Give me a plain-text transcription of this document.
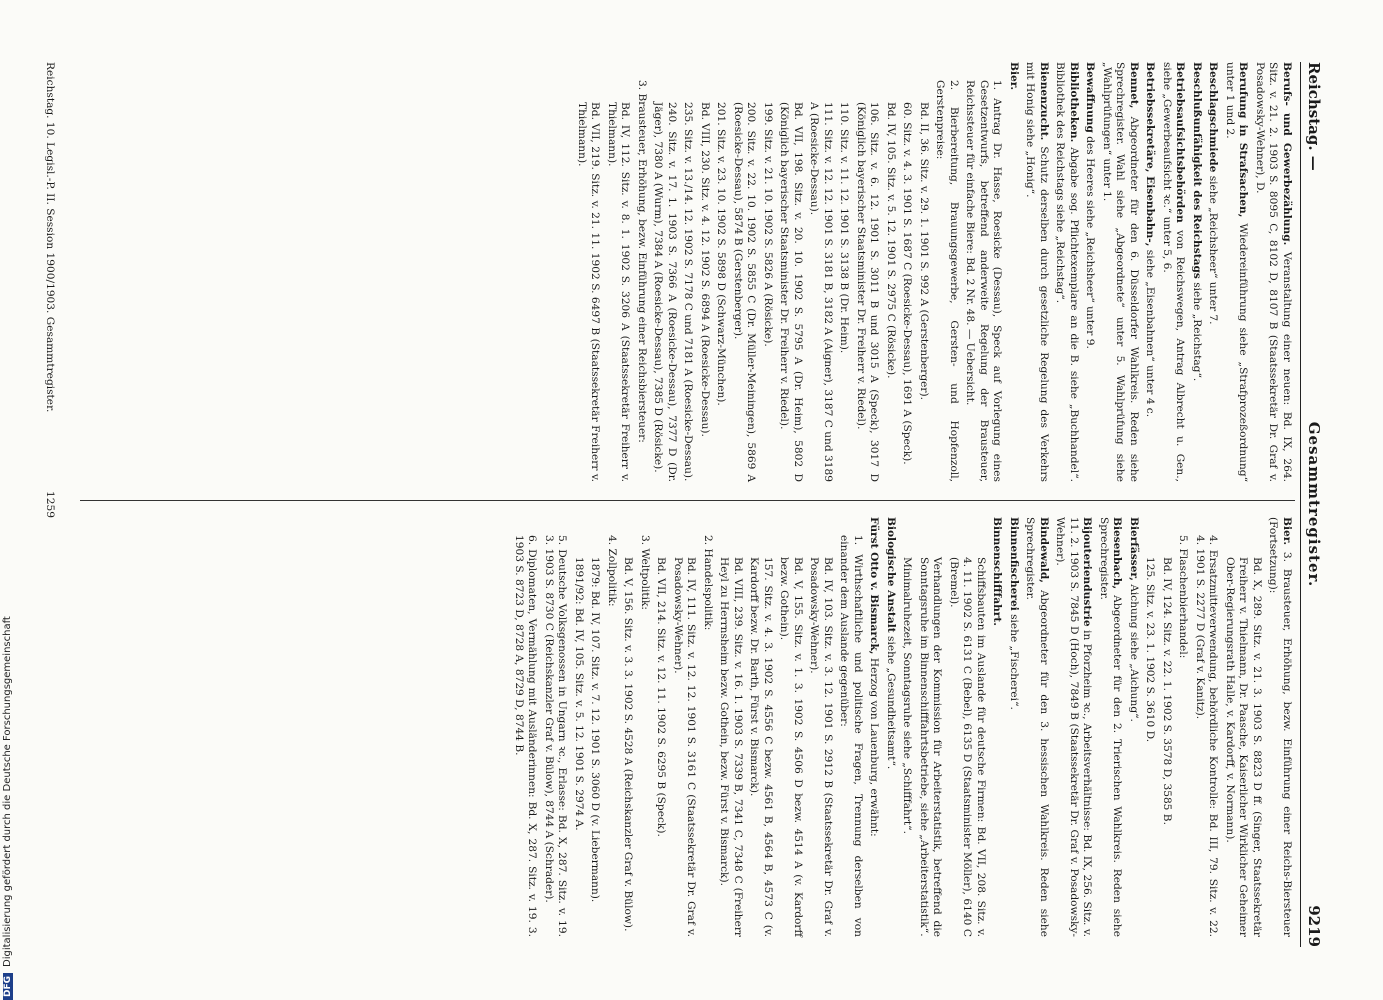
Reichstag. —
Gesammtregister.
9219

Berufs- und Gewerbezählung. Veranstaltung einer neuen: Bd. IX, 264. Sitz. v. 21. 2. 1903 S. 8095 C, 8102 D, 8107 B (Staatssekretär Dr. Graf v. Posadowsky-Wehner), D.

Berufung in Strafsachen, Wiedereinführung siehe „Strafprozeßordnung“ unter 1 und 2.

Beschlagschmiede siehe „Reichsheer“ unter 7.

Beschlußunfähigkeit des Reichstags siehe „Reichstag“.

Betriebsaufsichtsbehörden von Reichswegen, Antrag Albrecht u. Gen., siehe „Gewerbeaufsicht ꝛc.“ unter 5, 6.

Betriebssekretäre, Eisenbahn-, siehe „Eisenbahnen“ unter 4 c.

Bennet, Abgeordneter für den 6. Düsseldorfer Wahlkreis. Reden siehe Sprechregister. Wahl siehe „Abgeordnete“ unter 5. Wahlprüfung siehe „Wahlprüfungen“ unter 1.

Bewaffnung des Heeres siehe „Reichsheer“ unter 9.

Bibliotheken. Abgabe sog. Pflichtexemplare an die B. siehe „Buchhandel“. Bibliothek des Reichstags siehe „Reichstag“.

Bienenzucht. Schutz derselben durch gesetzliche Regelung des Verkehrs mit Honig siehe „Honig“.

Bier.

1. Antrag Dr. Hasse, Roesicke (Dessau), Speck auf Vorlegung eines Gesetzentwurfs, betreffend anderweite Regelung der Brausteuer, Reichssteuer für einfache Biere: Bd. 2 Nr. 48. — Uebersicht.

2. Bierbereitung, Brauungsgewerbe, Gersten- und Hopfenzoll, Gerstenpreise:

Bd. II, 36. Sitz. v. 29. 1. 1901 S. 992 A (Gerstenberger).

60. Sitz. v. 4. 3. 1901 S. 1687 C (Roesicke-Dessau), 1691 A (Speck).

Bd. IV, 105. Sitz. v. 5. 12. 1901 S. 2975 C (Rösicke).

106. Sitz. v. 6. 12. 1901 S. 3011 B und 3015 A (Speck), 3017 D (Königlich bayerischer Staatsminister Dr. Freiherr v. Riedel).

110. Sitz. v. 11. 12. 1901 S. 3138 B (Dr. Heim).

111. Sitz. v. 12. 12. 1901 S. 3181 B, 3182 A (Aigner), 3187 C und 3189 A (Roesicke-Dessau).

Bd. VII, 198. Sitz. v. 20. 10. 1902 S. 5795 A (Dr. Heim), 5802 D (Königlich bayerischer Staatsminister Dr. Freiherr v. Riedel).

199. Sitz. v. 21. 10. 1902 S. 5826 A (Rösicke).

200. Sitz. v. 22. 10. 1902 S. 5855 C (Dr. Müller-Meiningen), 5869 A (Roesicke-Dessau), 5874 B (Gerstenberger).

201. Sitz. v. 23. 10. 1902 S. 5898 D (Schwarz-München).

Bd. VIII, 230. Sitz. v. 4. 12. 1902 S. 6894 A (Roesicke-Dessau).

235. Sitz. v. 13./14. 12. 1902 S. 7178 C und 7181 A (Roesicke-Dessau).

240. Sitz. v. 17. 1. 1903 S. 7366 A (Roesicke-Dessau), 7377 D (Dr. Jäger), 7380 A (Wurm), 7384 A (Roesicke-Dessau), 7385 D (Rösicke).

3. Brausteuer, Erhöhung, bezw. Einführung einer Reichsbiersteuer:

Bd. IV, 112. Sitz. v. 8. 1. 1902 S. 3206 A (Staatssekretär Freiherr v. Thielmann).

Bd. VII, 219. Sitz. v. 21. 11. 1902 S. 6497 B (Staatssekretär Freiherr v. Thielmann).

Bier. 3. Brausteuer, Erhöhung, bezw. Einführung einer Reichs-Biersteuer (Fortsetzung):

Bd. X, 289. Sitz. v. 21. 3. 1903 S. 8823 D ff. (Singer, Staatssekretär Freiherr v. Thielmann, Dr. Paasche, Kaiserlicher Wirklicher Geheimer Ober-Regierungsrath Halle, v. Kardorff, v. Normann).

4. Ersatzmitteverwendung, behördliche Kontrolle: Bd. III, 79. Sitz. v. 22. 4. 1901 S. 2277 D (Graf v. Kanitz).

5. Flaschenbierhandel:

Bd. IV, 124. Sitz. v. 22. 1. 1902 S. 3578 D, 3585 B.

125. Sitz. v. 23. 1. 1902 S. 3610 D.

Bierfässer, Aichung siehe „Aichung“.

Biesenbach, Abgeordneter für den 2. Trierischen Wahlkreis. Reden siehe Sprechregister.

Bijouteriendustrie in Pforzheim ꝛc., Arbeitsverhältnisse: Bd. IX, 256. Sitz. v. 11. 2. 1903 S. 7845 D (Hoch), 7849 B (Staatssekretär Dr. Graf v. Posadowsky-Wehner).

Bindewald, Abgeordneter für den 3. hessischen Wahlkreis. Reden siehe Sprechregister.

Binnenfischerei siehe „Fischerei“.

Binnenschifffahrt.

Schiffsbauten im Auslande für deutsche Firmen: Bd. VII, 208. Sitz. v. 4. 11. 1902 S. 6131 C (Bebel), 6135 D (Staatsminister Möller), 6140 C (Bremel).

Verhandlungen der Kommission für Arbeiterstatistik, betreffend die Sonntagsruhe im Binnenschifffahrtsbetriebe, siehe „Arbeiterstatistik“.

Minimalruhezeit, Sonntagsruhe siehe „Schifffahrt“.

Biologische Anstalt siehe „Gesundheitsamt“.

Fürst Otto v. Bismarck, Herzog von Lauenburg, erwähnt:

1. Wirthschaftliche und politische Fragen, Trennung derselben von einander dem Auslande gegenüber:

Bd. IV, 103. Sitz. v. 3. 12. 1901 S. 2912 B (Staatssekretär Dr. Graf v. Posadowsky-Wehner).

Bd. V, 155. Sitz. v. 1. 3. 1902 S. 4506 D bezw. 4514 A (v. Kardorff bezw. Gothein).

157. Sitz. v. 4. 3. 1902 S. 4556 C bezw. 4561 B, 4564 B, 4573 C (v. Kardorff bezw. Dr. Barth, Fürst v. Bismarck).

Bd. VIII, 239. Sitz. v. 16. 1. 1903 S. 7339 B, 7341 C, 7348 C (Freiherr Heyl zu Herrnsheim bezw. Gothein, bezw. Fürst v. Bismarck).

2. Handelspolitik:

Bd. IV, 111. Sitz. v. 12. 12. 1901 S. 3161 C (Staatssekretär Dr. Graf v. Posadowsky-Wehner).

Bd. VII, 214. Sitz. v. 12. 11. 1902 S. 6295 B (Speck).

3. Weltpolitik:

Bd. V, 156. Sitz. v. 3. 3. 1902 S. 4528 A (Reichskanzler Graf v. Bülow).

4. Zollpolitik:

1879: Bd. IV, 107. Sitz. v. 7. 12. 1901 S. 3060 D (v. Liebermann).

1891/92: Bd. IV, 105. Sitz. v. 5. 12. 1901 S. 2974 A.

5. Deutsche Volksgenossen in Ungarn ꝛc., Erlasse: Bd. X, 287. Sitz. v. 19. 3. 1903 S. 8730 C (Reichskanzler Graf v. Bülow), 8744 A (Schrader).

6. Diplomaten, Vermählung mit Ausländerinnen: Bd. X, 287. Sitz. v. 19. 3. 1903 S. 8723 D, 8728 A, 8729 D, 8744 B.

Reichstag. 10. Legisl.-P. II. Session 1900/1903. Gesammtregister.
1259
DFGDigitalisierung gefördert durch die Deutsche Forschungsgemeinschaft
